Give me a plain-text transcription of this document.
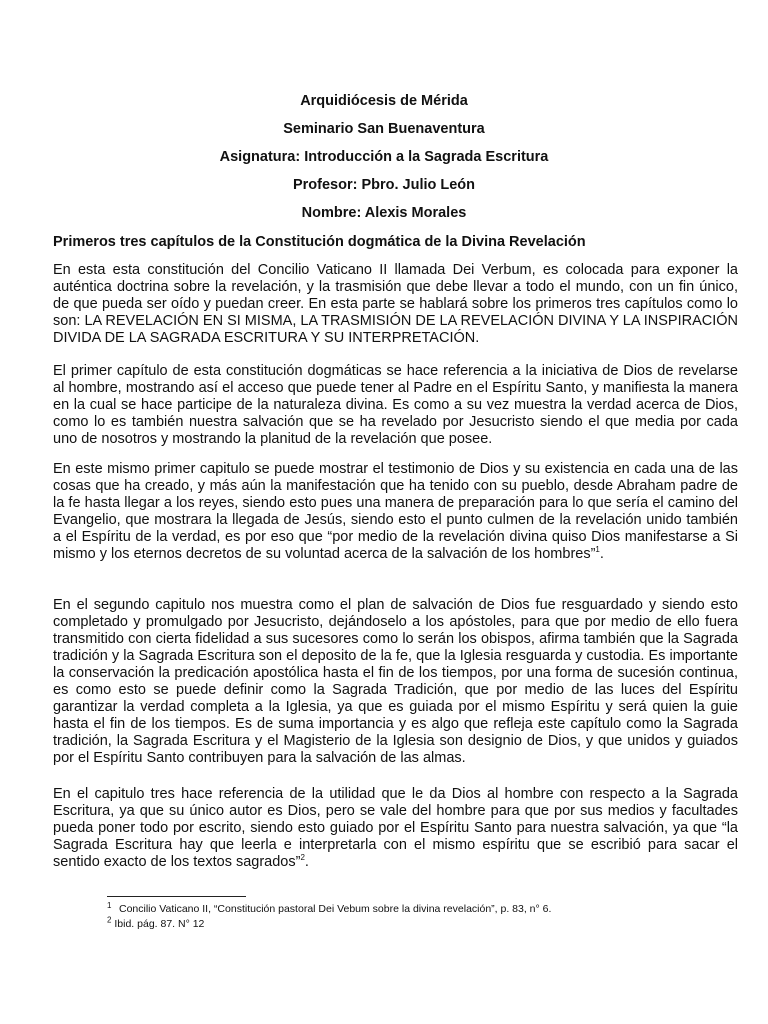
Arquidiócesis de Mérida
Seminario San Buenaventura
Asignatura: Introducción a la Sagrada Escritura
Profesor: Pbro. Julio León
Nombre: Alexis Morales
Primeros tres capítulos de la Constitución dogmática de la Divina Revelación

En esta esta constitución del Concilio Vaticano II llamada Dei Verbum, es colocada para exponer la auténtica doctrina sobre la revelación, y la trasmisión que debe llevar a todo el mundo, con un fin único, de que pueda ser oído y puedan creer. En esta parte se hablará sobre los primeros tres capítulos como lo son: LA REVELACIÓN EN SI MISMA, LA TRASMISIÓN DE LA REVELACIÓN DIVINA Y LA INSPIRACIÓN DIVIDA DE LA SAGRADA ESCRITURA Y SU INTERPRETACIÓN.

El primer capítulo de esta constitución dogmáticas se hace referencia a la iniciativa de Dios de revelarse al hombre, mostrando así el acceso que puede tener al Padre en el Espíritu Santo, y manifiesta la manera en la cual se hace participe de la naturaleza divina. Es como a su vez muestra la verdad acerca de Dios, como lo es también nuestra salvación que se ha revelado por Jesucristo siendo el que media por cada uno de nosotros y mostrando la planitud de la revelación que posee.

En este mismo primer capitulo se puede mostrar el testimonio de Dios y su existencia en cada una de las cosas que ha creado, y más aún la manifestación que ha tenido con su pueblo, desde Abraham padre de la fe hasta llegar a los reyes, siendo esto pues una manera de preparación para lo que sería el camino del Evangelio, que mostrara la llegada de Jesús, siendo esto el punto culmen de la revelación unido también a el Espíritu de la verdad, es por eso que “por medio de la revelación divina quiso Dios manifestarse a Si mismo y los eternos decretos de su voluntad acerca de la salvación de los hombres”$^1$.

En el segundo capitulo nos muestra como el plan de salvación de Dios fue resguardado y siendo esto completado y promulgado por Jesucristo, dejándoselo a los apóstoles, para que por medio de ello fuera transmitido con cierta fidelidad a sus sucesores como lo serán los obispos, afirma también que la Sagrada tradición y la Sagrada Escritura son el deposito de la fe, que la Iglesia resguarda y custodia. Es importante la conservación la predicación apostólica hasta el fin de los tiempos, por una forma de sucesión continua, es como esto se puede definir como la Sagrada Tradición, que por medio de las luces del Espíritu garantizar la verdad completa a la Iglesia, ya que es guiada por el mismo Espíritu y será quien la guie hasta el fin de los tiempos. Es de suma importancia y es algo que refleja este capítulo como la Sagrada tradición, la Sagrada Escritura y el Magisterio de la Iglesia son designio de Dios, y que unidos y guiados por el Espíritu Santo contribuyen para la salvación de las almas.

En el capitulo tres hace referencia de la utilidad que le da Dios al hombre con respecto a la Sagrada Escritura, ya que su único autor es Dios, pero se vale del hombre para que por sus medios y facultades pueda poner todo por escrito, siendo esto guiado por el Espíritu Santo para nuestra salvación, ya que “la Sagrada Escritura hay que leerla e interpretarla con el mismo espíritu que se escribió para sacar el sentido exacto de los textos sagrados”$^2$.

$^1$ Concilio Vaticano II, “Constitución pastoral Dei Vebum sobre la divina revelación”, p. 83, n° 6.
$^2$ Ibid. pág. 87. N° 12
